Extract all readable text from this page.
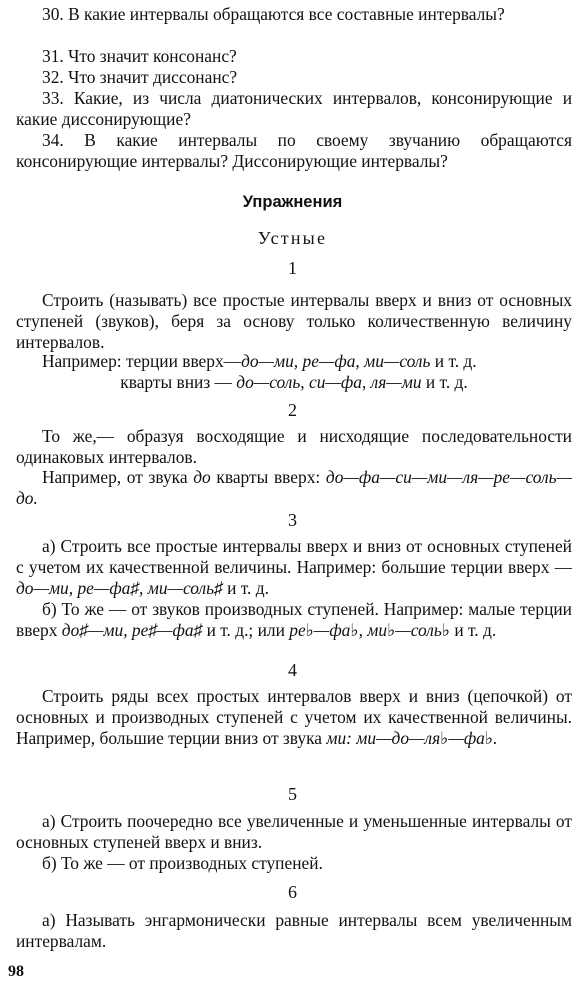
30. В какие интервалы обращаются все составные интервалы?
31. Что значит консонанс?
32. Что значит диссонанс?
33. Какие, из числа диатонических интервалов, консонирующие и какие диссонирующие?
34. В какие интервалы по своему звучанию обращаются консонирующие интервалы? Диссонирующие интервалы?
Упражнения
Устные
1
Строить (называть) все простые интервалы вверх и вниз от основных ступеней (звуков), беря за основу только количественную величину интервалов.
Например: терции вверх—до—ми, ре—фа, ми—соль и т. д.
кварты вниз — до—соль, си—фа, ля—ми и т. д.
2
То же,— образуя восходящие и нисходящие последовательности одинаковых интервалов.
Например, от звука до кварты вверх: до—фа—си—ми—ля—ре—соль—до.
3
а) Строить все простые интервалы вверх и вниз от основных ступеней с учетом их качественной величины. Например: большие терции вверх — до—ми, ре—фа♯, ми—соль♯ и т. д.
б) То же — от звуков производных ступеней. Например: малые терции вверх до♯—ми, ре♯—фа♯ и т. д.; или ре♭—фа♭, ми♭—соль♭ и т. д.
4
Строить ряды всех простых интервалов вверх и вниз (цепочкой) от основных и производных ступеней с учетом их качественной величины. Например, большие терции вниз от звука ми: ми—до—ля♭—фа♭.
5
а) Строить поочередно все увеличенные и уменьшенные интервалы от основных ступеней вверх и вниз.
б) То же — от производных ступеней.
6
а) Называть энгармонически равные интервалы всем увеличенным интервалам.
98
